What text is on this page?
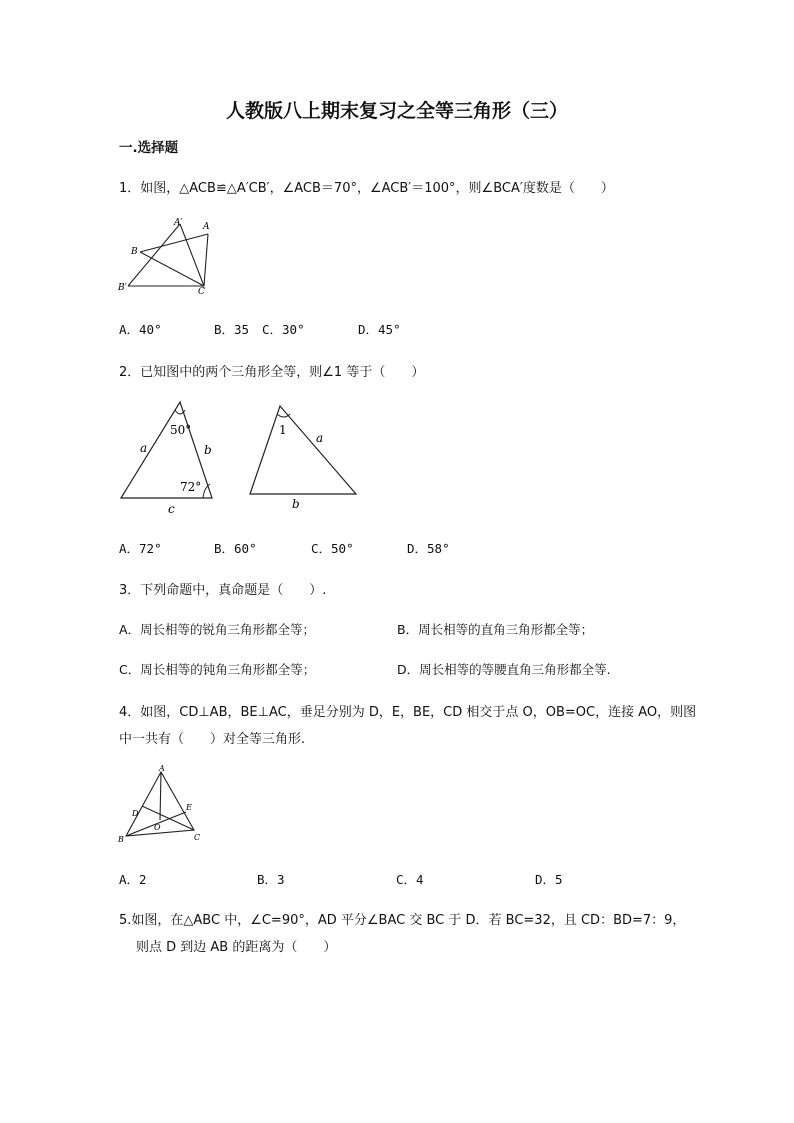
人教版八上期末复习之全等三角形（三）
一.选择题
1．如图，△ACB≌△A′CB′，∠ACB＝70°，∠ACB′＝100°，则∠BCA′度数是（　　）
A′ A
B
B′	C
A．40°	B．35 C．30°	D．45°
2．已知图中的两个三角形全等，则∠1 等于（　　）
50°
a	b
72°
c
1
a
b
A．72°	B．60°	C．50°	D．58°
3．下列命题中，真命题是（　　）.
A．周长相等的锐角三角形都全等；	B．周长相等的直角三角形都全等；
C．周长相等的钝角三角形都全等；	D．周长相等的等腰直角三角形都全等.
4．如图，CD⊥AB，BE⊥AC，垂足分别为 D，E，BE，CD 相交于点 O，OB=OC，连接 AO，则图
中一共有（　　）对全等三角形.
A
D
E
O
B	C
A．2	B．3	C．4	D．5
5.如图，在△ABC 中，∠C=90°，AD 平分∠BAC 交 BC 于 D．若 BC=32，且 CD：BD=7：9，
则点 D 到边 AB 的距离为（　　）
